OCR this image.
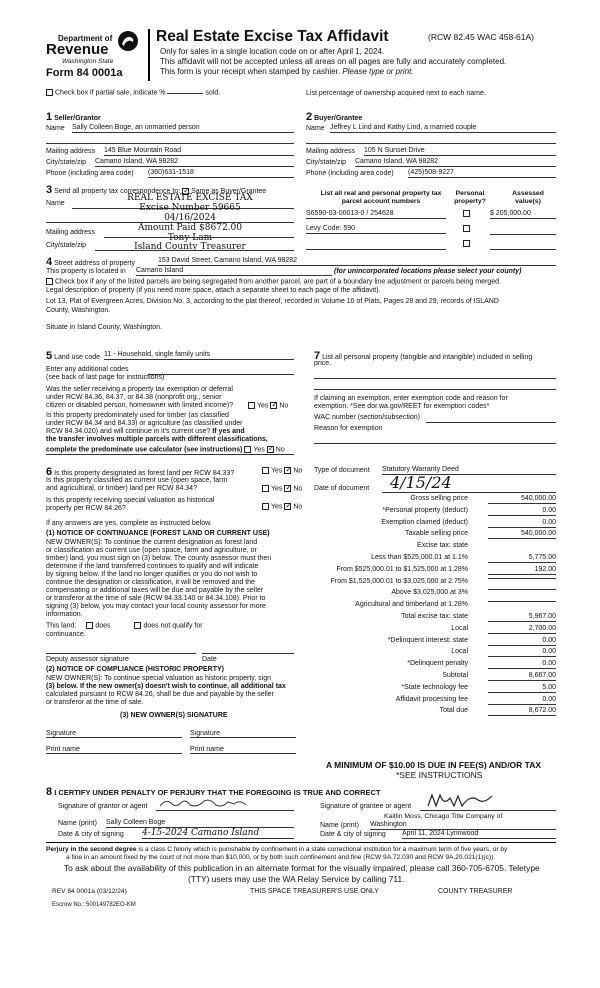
Department of
Revenue
Washington State
Form 84 0001a
Real Estate Excise Tax Affidavit	(RCW 82.45 WAC 458-61A)
Only for sales in a single location code on or after April 1, 2024.
This affidavit will not be accepted unless all areas on all pages are fully and accurately completed.
This form is your receipt when stamped by cashier. Please type or print.
Check box if partial sale, indicate %	sold.	List percentage of ownership acquired next to each name.
1 Seller/Grantor
Name Sally Colleen Boge, an unmarried person
Mailing address 145 Blue Mountain Road
City/state/zip Camano Island, WA 98282
Phone (including area code) (360)631-1518
2 Buyer/Grantee
Name Jeffrey L Lind and Kathy Lind, a married couple
Mailing address 105 N Sunset Drive
City/state/zip Camano Island, WA 98282
Phone (including area code) (425)508-9227
3 Send all property tax correspondence to: ✓ Same as Buyer/Grantee
Name
Mailing address
City/state/zip
REAL ESTATE EXCISE TAX
Excise Number 59665
04/16/2024
Amount Paid $8672.00
Tony Lam
Island County Treasurer
List all real and personal property tax
parcel account numbers
Personal
property?
Assessed
value(s)
S6590-03-00013-0 / 254628	$ 205,000.00
Levy Code: 590
4 Street address of property	153 David Street, Camano Island, WA 98282
This property is located in Camano Island	(for unincorporated locations please select your county)
Check box if any of the listed parcels are being segregated from another parcel, are part of a boundary line adjustment or parcels being merged.
Legal description of property (if you need more space, attach a separate sheet to each page of the affidavit).
Lot 13, Plat of Evergreen Acres, Division No. 3, according to the plat thereof, recorded in Volume 10 of Plats, Pages 28 and 29, records of ISLAND
County, Washington.
Situate in Island County, Washington.
5 Land use code 11 - Household, single family units
Enter any additional codes
(see back of last page for instructions)
Was the seller receiving a property tax exemption or deferral
under RCW 84.36, 84.37, or 84.38 (nonprofit org., senior
citizen or disabled person, homeowner with limited income)?	Yes ✓ No
Is this property predominately used for timber (as classified
under RCW 84.34 and 84.33) or agriculture (as classified under
RCW 84.34.020) and will continue in it's current use? If yes and
the transfer involves multiple parcels with different classifications,
complete the predominate use calculator (see instructions) Yes ✓ No
7 List all personal property (tangible and intangible) included in selling
price.
If claiming an exemption, enter exemption code and reason for
exemption. *See dor.wa.gov/REET for exemption codes*
WAC number (section/subsection)
Reason for exemption
6 Is this property designated as forest land per RCW 84.33?	Yes ✓ No
Is this property classified as current use (open space, farm
and agricultural, or timber) land per RCW 84.34?	Yes ✓ No
Is this property receiving special valuation as historical
property per RCW 84.26?	Yes ✓ No
If any answers are yes, complete as instructed below.
(1) NOTICE OF CONTINUANCE (FOREST LAND OR CURRENT USE)
NEW OWNER(S): To continue the current designation as forest land
or classification as current use (open space, farm and agriculture, or
timber) land, you must sign on (3) below. The county assessor must then
determine if the land transferred continues to qualify and will indicate
by signing below. If the land no longer qualifies or you do not wish to
continue the designation or classification, it will be removed and the
compensating or additional taxes will be due and payable by the seller
or transferor at the time of sale (RCW 84.33.140 or 84.34.108). Prior to
signing (3) below, you may contact your local county assessor for more
information.
This land:	does	does not qualify for
continuance.
Deputy assessor signature	Date
(2) NOTICE OF COMPLIANCE (HISTORIC PROPERTY)
NEW OWNER(S): To continue special valuation as historic property, sign
(3) below. If the new owner(s) doesn't wish to continue, all additional tax
calculated pursuant to RCW 84.26, shall be due and payable by the seller
or transferor at the time of sale.
(3) NEW OWNER(S) SIGNATURE
Signature	Signature
Print name	Print name
Type of document Statutory Warranty Deed
Date of document	4/15/24
Gross selling price	540,000.00
*Personal property (deduct)	0.00
Exemption claimed (deduct)	0.00
Taxable selling price	540,000.00
Excise tax: state
Less than $525,000.01 at 1.1%	5,775.00
From $525,000.01 to $1,525,000 at 1.28%	192.00
From $1,525,000.01 to $3,025,000 at 2.75%
Above $3,025,000 at 3%
Agricultural and timberland at 1.28%
Total excise tax: state	5,967.00
Local	2,700.00
*Delinquent interest: state	0.00
Local	0.00
*Delinquent penalty	0.00
Subtotal	8,667.00
*State technology fee	5.00
Affidavit processing fee	0.00
Total due	8,672.00
A MINIMUM OF $10.00 IS DUE IN FEE(S) AND/OR TAX
*SEE INSTRUCTIONS
8 I CERTIFY UNDER PENALTY OF PERJURY THAT THE FOREGOING IS TRUE AND CORRECT
Signature of grantor or agent
Name (print) Sally Colleen Boge
Date & city of signing 4-15-2024 Camano Island
Signature of grantee or agent
Kaitlin Moss, Chicago Title Company of
Name (print) Washington
Date & city of signing April 11, 2024 Lynnwood
Perjury in the second degree is a class C felony which is punishable by confinement in a state correctional institution for a maximum term of five years, or by
a fine in an amount fixed by the court of not more than $10,000, or by both such confinement and fine (RCW 9A.72.030 and RCW 9A.20.021(1)(c)).
To ask about the availability of this publication in an alternate format for the visually impaired, please call 360-705-6705. Teletype
(TTY) users may use the WA Relay Service by calling 711.
REV 84 0001a (03/12/24)	THIS SPACE TREASURER'S USE ONLY	COUNTY TREASURER
Escrow No.: 500149782EO-KM
